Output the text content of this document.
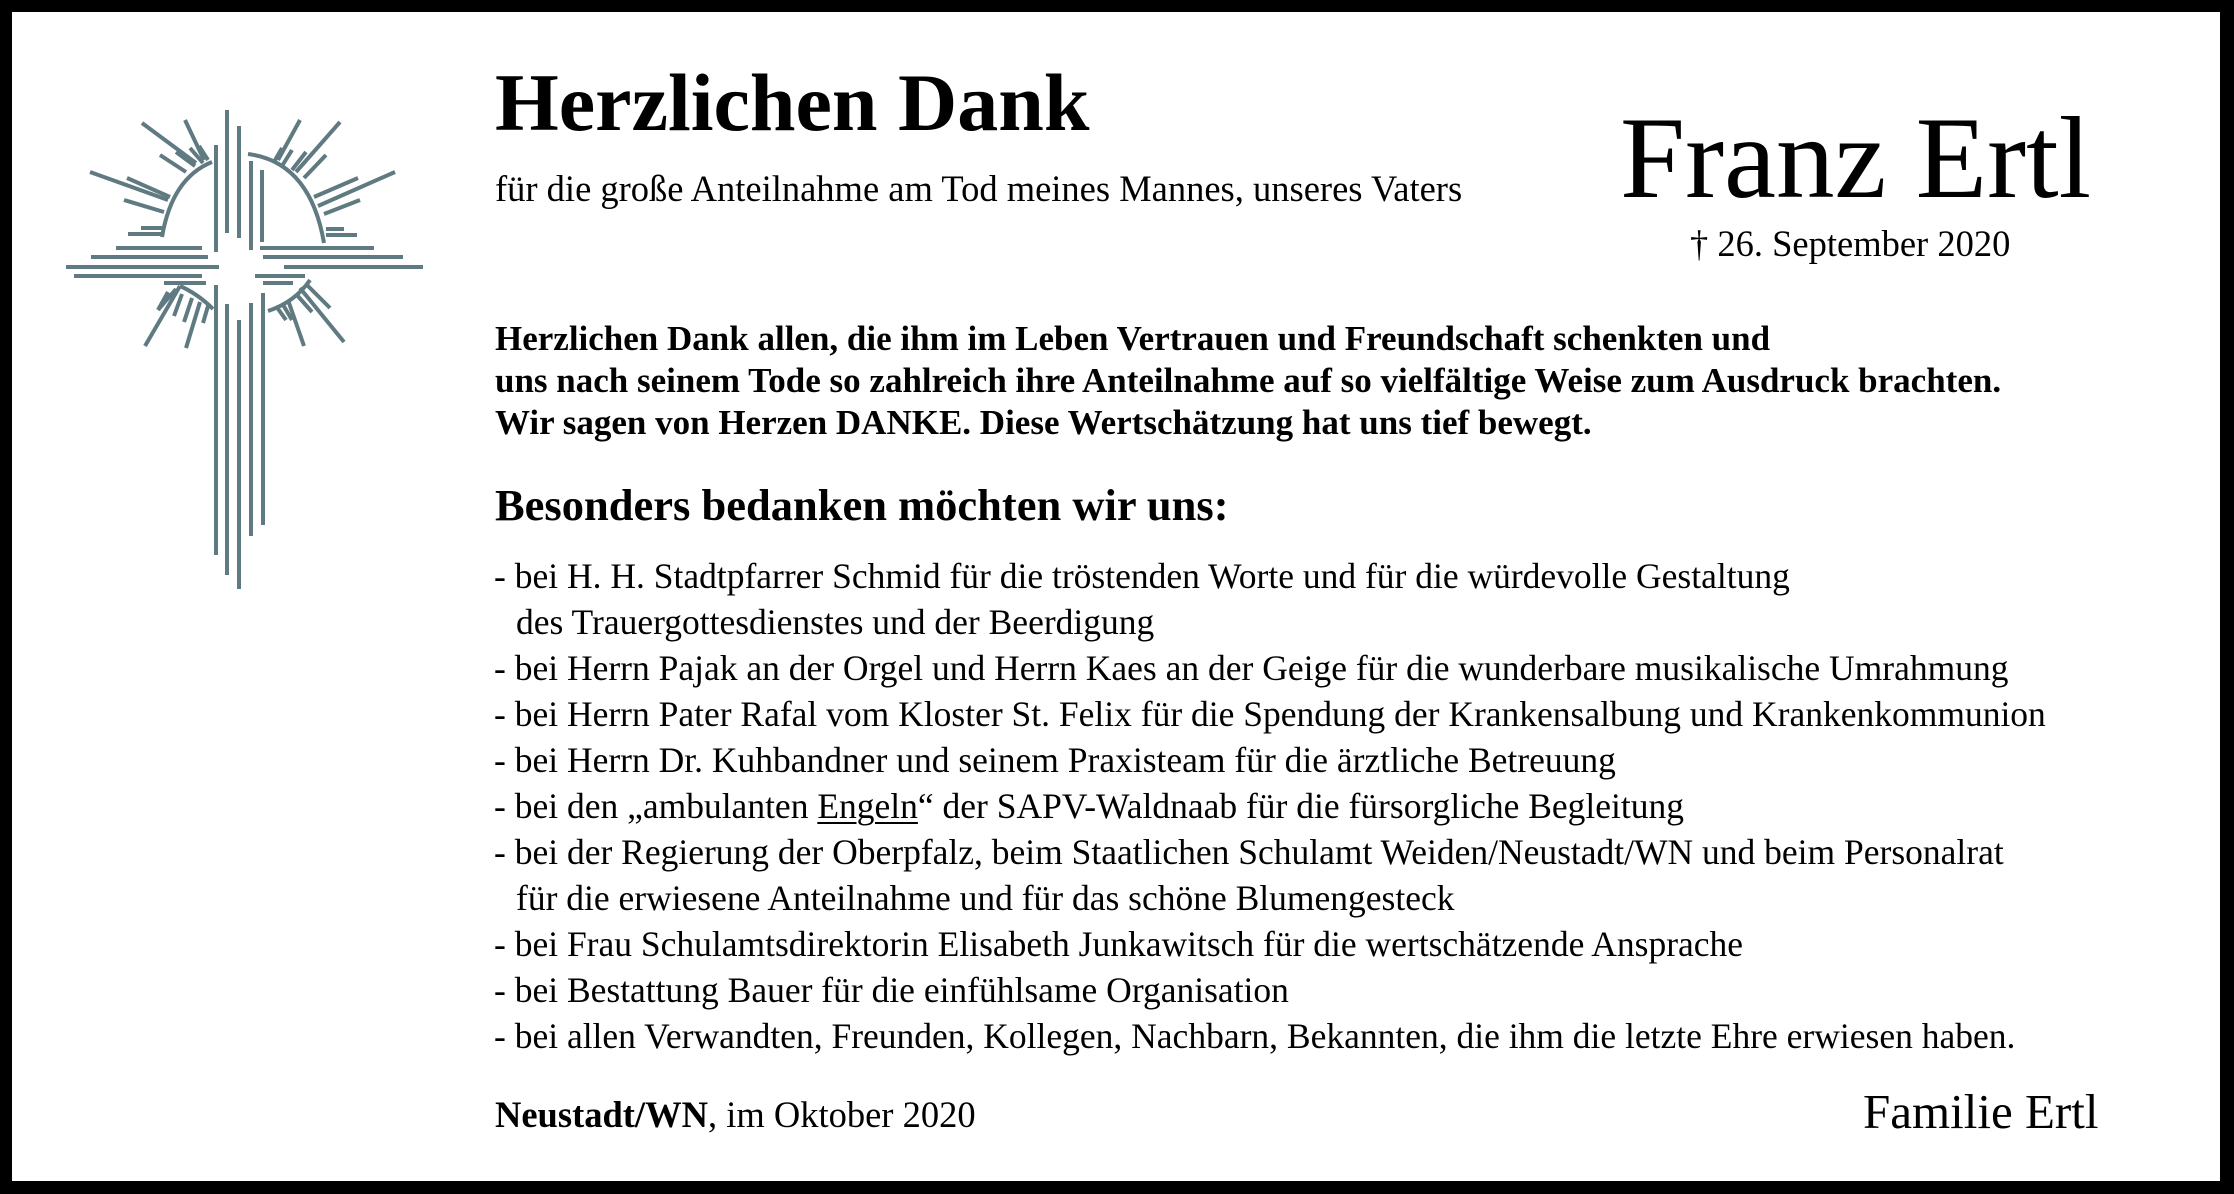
Herzlichen Dank
für die große Anteilnahme am Tod meines Mannes, unseres Vaters Franz Ertl
† 26. September 2020
Herzlichen Dank allen, die ihm im Leben Vertrauen und Freundschaft schenkten und
uns nach seinem Tode so zahlreich ihre Anteilnahme auf so vielfältige Weise zum Ausdruck brachten.
Wir sagen von Herzen DANKE. Diese Wertschätzung hat uns tief bewegt.
Besonders bedanken möchten wir uns:
- bei H. H. Stadtpfarrer Schmid für die tröstenden Worte und für die würdevolle Gestaltung
des Trauergottesdienstes und der Beerdigung
- bei Herrn Pajak an der Orgel und Herrn Kaes an der Geige für die wunderbare musikalische Umrahmung
- bei Herrn Pater Rafal vom Kloster St. Felix für die Spendung der Krankensalbung und Krankenkommunion
- bei Herrn Dr. Kuhbandner und seinem Praxisteam für die ärztliche Betreuung
- bei den „ambulanten Engeln“ der SAPV-Waldnaab für die fürsorgliche Begleitung
- bei der Regierung der Oberpfalz, beim Staatlichen Schulamt Weiden/Neustadt/WN und beim Personalrat
für die erwiesene Anteilnahme und für das schöne Blumengesteck
- bei Frau Schulamtsdirektorin Elisabeth Junkawitsch für die wertschätzende Ansprache
- bei Bestattung Bauer für die einfühlsame Organisation
- bei allen Verwandten, Freunden, Kollegen, Nachbarn, Bekannten, die ihm die letzte Ehre erwiesen haben.
Neustadt/WN, im Oktober 2020	Familie Ertl
